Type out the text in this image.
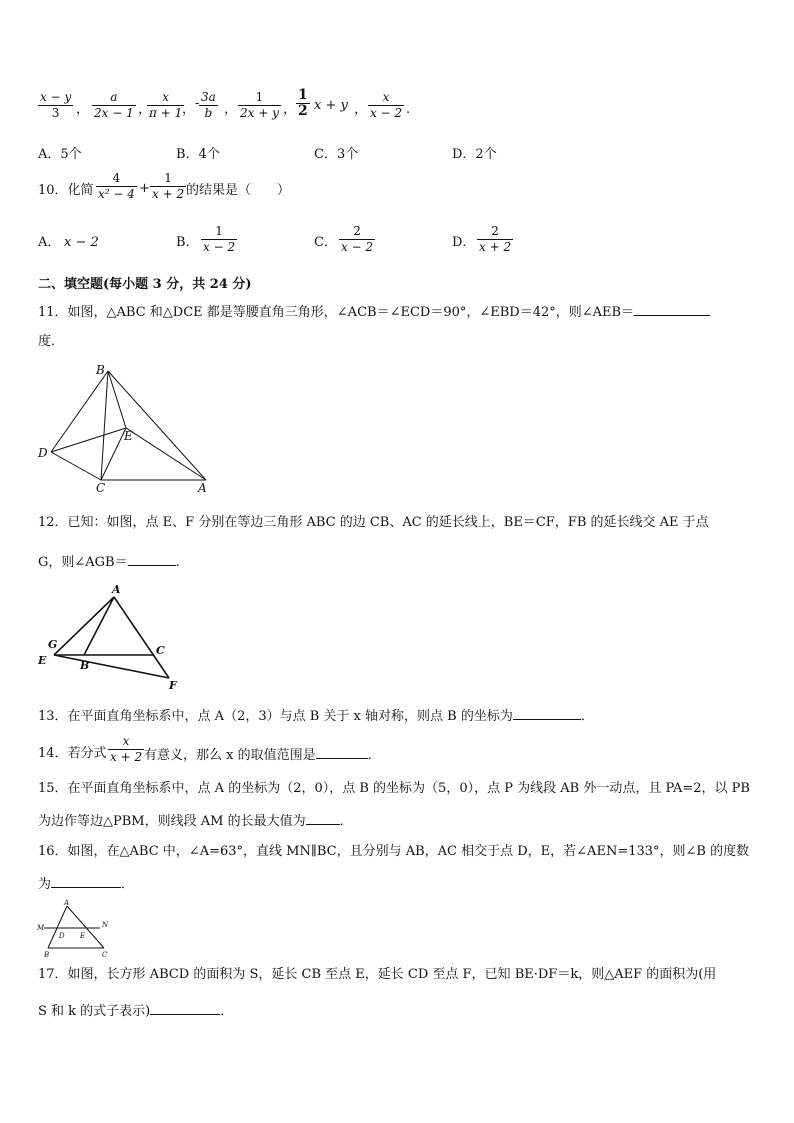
$\frac{x - y}{3}$ ， $\frac{a}{2x - 1}$ ，
$\frac{x}{\pi + 1}$
， - $\frac{3a}{b}$ ， $\frac{1}{2x + y}$ ， $\frac{1}{2}$ x + y ， $\frac{x}{x - 2}$ .
A．5个	B．4个	C．3个	D．2个
10．化简 $\frac{4}{\text{x² − 4}} + \frac{1}{x + 2}$ 的结果是（　　）
A． x − 2	B． $\frac{1}{x - 2}$	C． $\frac{2}{x - 2}$	D． $\frac{2}{x + 2}$
二、填空题(每小题 3 分，共 24 分)
11．如图，△ABC 和△DCE 都是等腰直角三角形，∠ACB＝∠ECD＝90°，∠EBD＝42°，则∠AEB＝
度．
B
D
E
C	A
12．已知：如图，点 E、F 分别在等边三角形 ABC 的边 CB、AC 的延长线上，BE＝CF，FB 的延长线交 AE 于点
G，则∠AGB＝	.
A
G
E	B
C
F
13．在平面直角坐标系中，点 A（2，3）与点 B 关于 x 轴对称，则点 B 的坐标为	．
14．若分式 $\frac{x}{x + 2}$ 有意义，那么 x 的取值范围是	．
15．在平面直角坐标系中，点 A 的坐标为（2，0），点 B 的坐标为（5，0），点 P 为线段 AB 外一动点，且 PA=2，以 PB
为边作等边△PBM，则线段 AM 的长最大值为	．
16．如图，在△ABC 中，∠A=63°，直线 MN∥BC，且分别与 AB，AC 相交于点 D，E，若∠AEN=133°，则∠B 的度数
为	．
A
M	N
D E
B	C
17．如图，长方形 ABCD 的面积为 S，延长 CB 至点 E，延长 CD 至点 F，已知 BE·DF＝k，则△AEF 的面积为(用
S 和 k 的式子表示)	．
